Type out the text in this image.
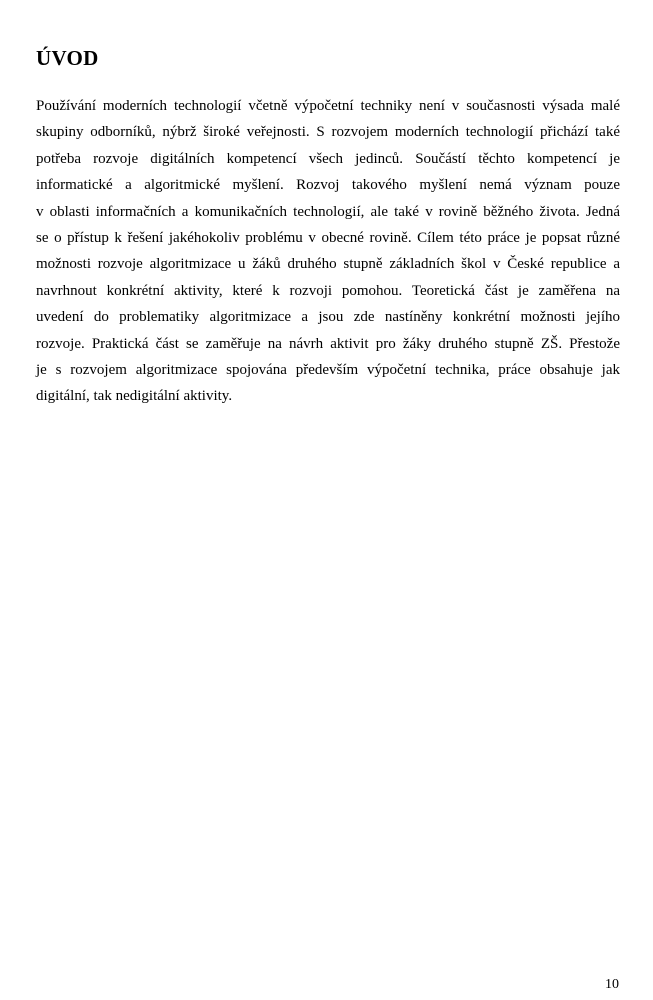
ÚVOD

Používání moderních technologií včetně výpočetní techniky není v současnosti výsada malé
skupiny odborníků, nýbrž široké veřejnosti. S rozvojem moderních technologií přichází také
potřeba rozvoje digitálních kompetencí všech jedinců. Součástí těchto kompetencí je
informatické a algoritmické myšlení. Rozvoj takového myšlení nemá význam pouze
v oblasti informačních a komunikačních technologií, ale také v rovině běžného života. Jedná
se o přístup k řešení jakéhokoliv problému v obecné rovině. Cílem této práce je popsat různé
možnosti rozvoje algoritmizace u žáků druhého stupně základních škol v České republice a
navrhnout konkrétní aktivity, které k rozvoji pomohou. Teoretická část je zaměřena na
uvedení do problematiky algoritmizace a jsou zde nastíněny konkrétní možnosti jejího
rozvoje. Praktická část se zaměřuje na návrh aktivit pro žáky druhého stupně ZŠ. Přestože
je s rozvojem algoritmizace spojována především výpočetní technika, práce obsahuje jak
digitální, tak nedigitální aktivity.

10
